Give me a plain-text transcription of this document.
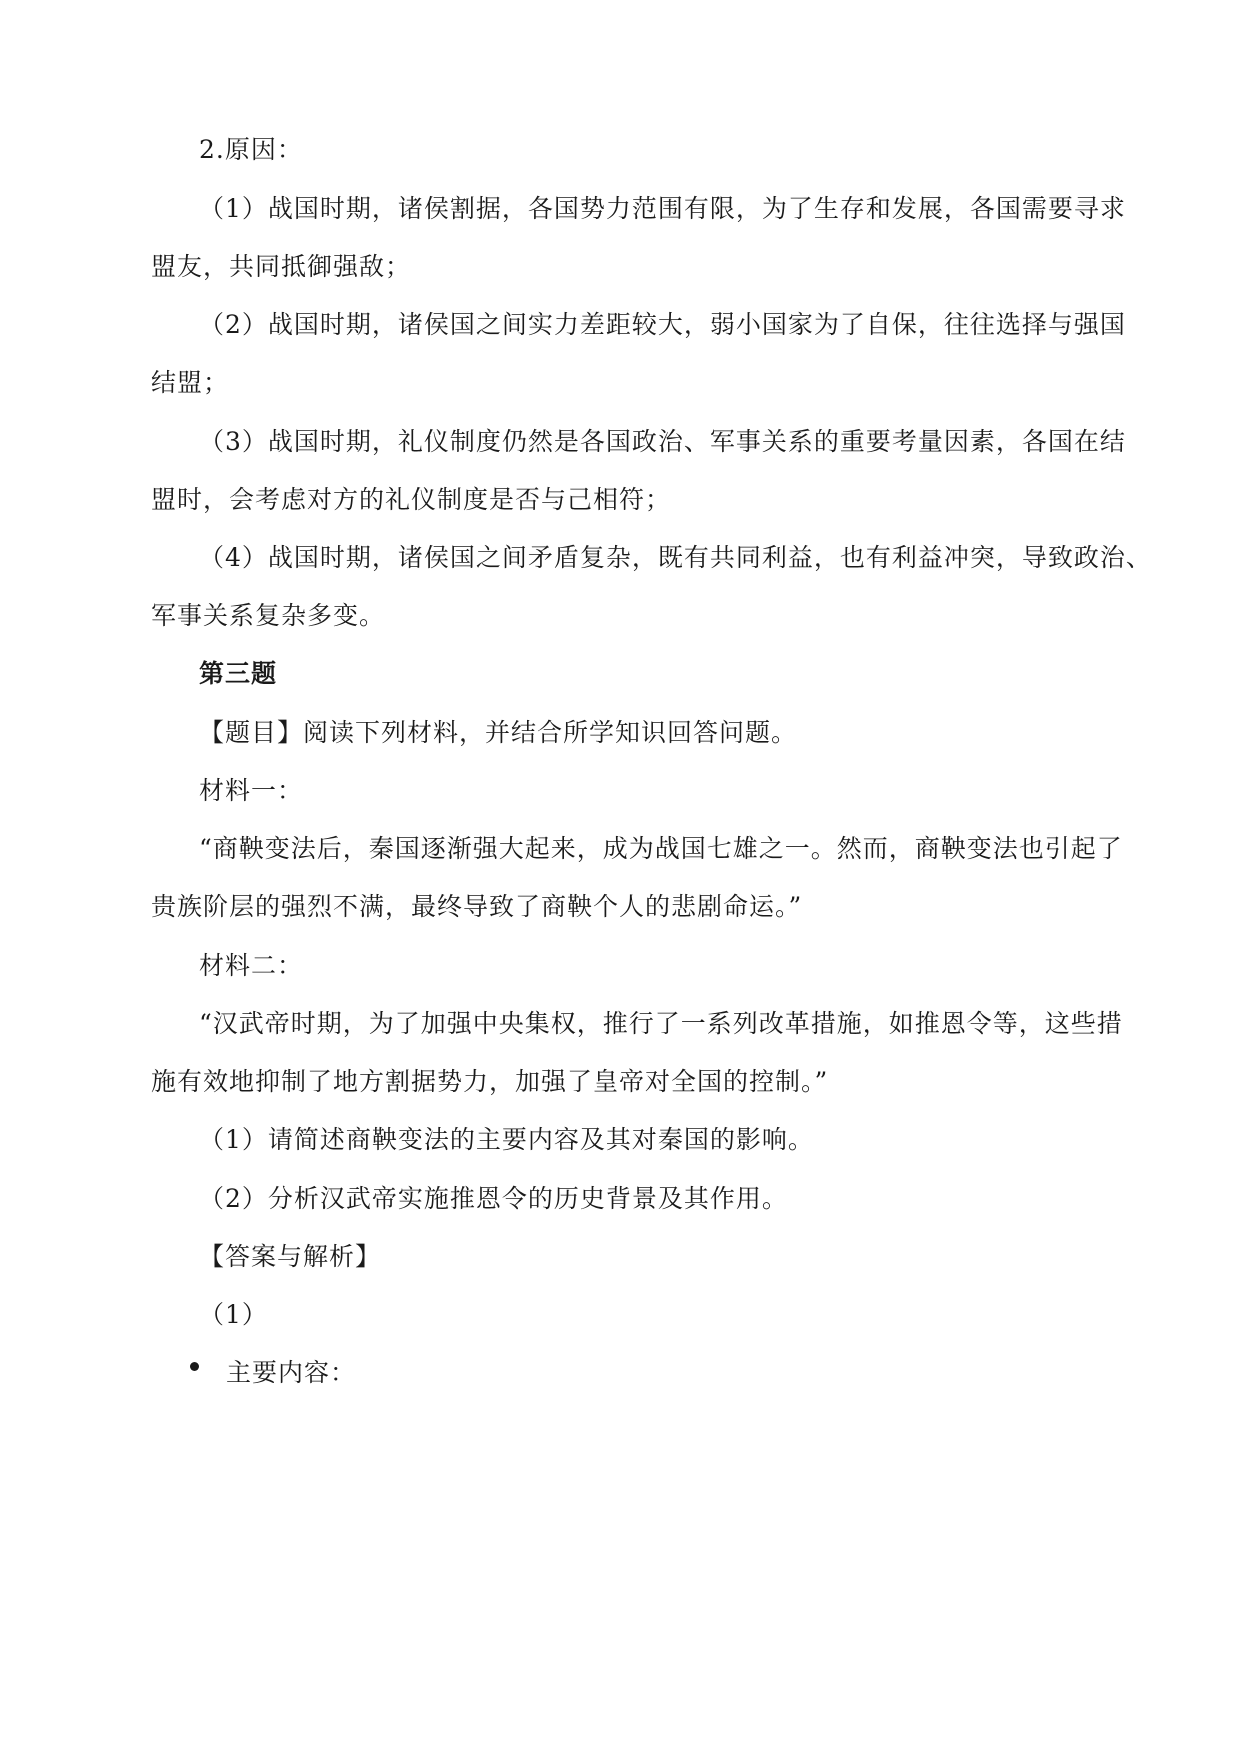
2.原因：
（1）战国时期，诸侯割据，各国势力范围有限，为了生存和发展，各国需要寻求
盟友，共同抵御强敌；
（2）战国时期，诸侯国之间实力差距较大，弱小国家为了自保，往往选择与强国
结盟；
（3）战国时期，礼仪制度仍然是各国政治、军事关系的重要考量因素，各国在结
盟时，会考虑对方的礼仪制度是否与己相符；
（4）战国时期，诸侯国之间矛盾复杂，既有共同利益，也有利益冲突，导致政治、
军事关系复杂多变。
第三题
【题目】阅读下列材料，并结合所学知识回答问题。
材料一：
“商鞅变法后，秦国逐渐强大起来，成为战国七雄之一。然而，商鞅变法也引起了
贵族阶层的强烈不满，最终导致了商鞅个人的悲剧命运。”
材料二：
“汉武帝时期，为了加强中央集权，推行了一系列改革措施，如推恩令等，这些措
施有效地抑制了地方割据势力，加强了皇帝对全国的控制。”
（1）请简述商鞅变法的主要内容及其对秦国的影响。
（2）分析汉武帝实施推恩令的历史背景及其作用。
【答案与解析】
（1）
主要内容：
